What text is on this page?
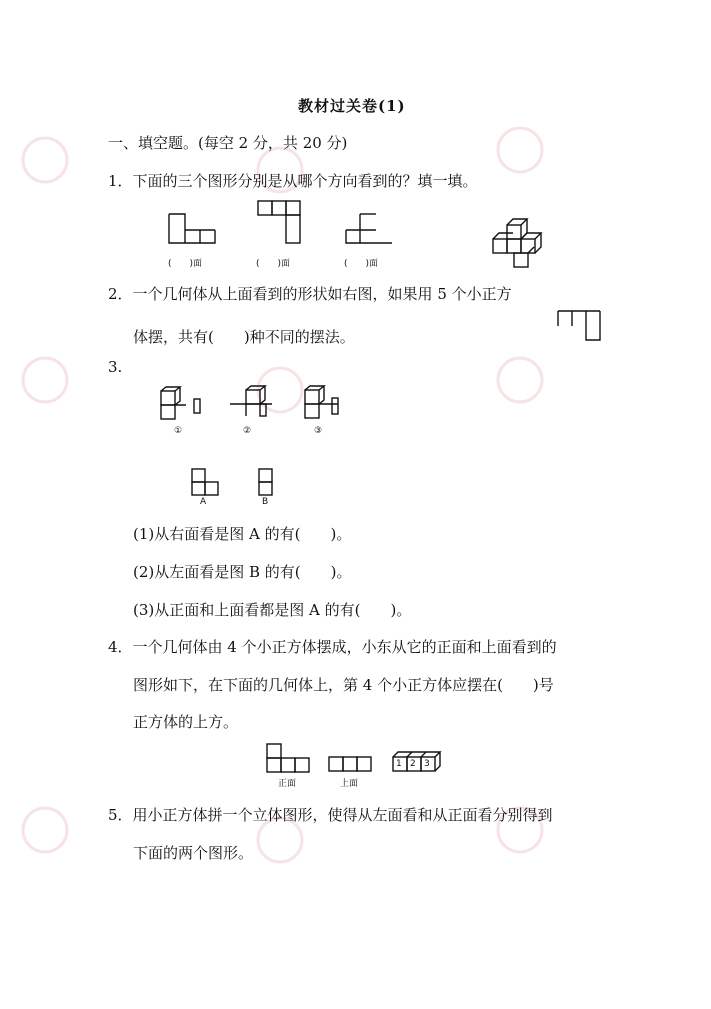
教材过关卷(1)
一、填空题。(每空 2 分，共 20 分)
1．下面的三个图形分别是从哪个方向看到的？填一填。
(　　)面	(　　)面	(　　)面
2．一个几何体从上面看到的形状如右图，如果用 5 个小正方
体摆，共有(　　)种不同的摆法。
3.
①	②	③
A	B
(1)从右面看是图 A 的有(　　)。
(2)从左面看是图 B 的有(　　)。
(3)从正面和上面看都是图 A 的有(　　)。
4．一个几何体由 4 个小正方体摆成，小东从它的正面和上面看到的
图形如下，在下面的几何体上，第 4 个小正方体应摆在(　　)号
正方体的上方。
正面	上面
1 2 3
5．用小正方体拼一个立体图形，使得从左面看和从正面看分别得到
下面的两个图形。
